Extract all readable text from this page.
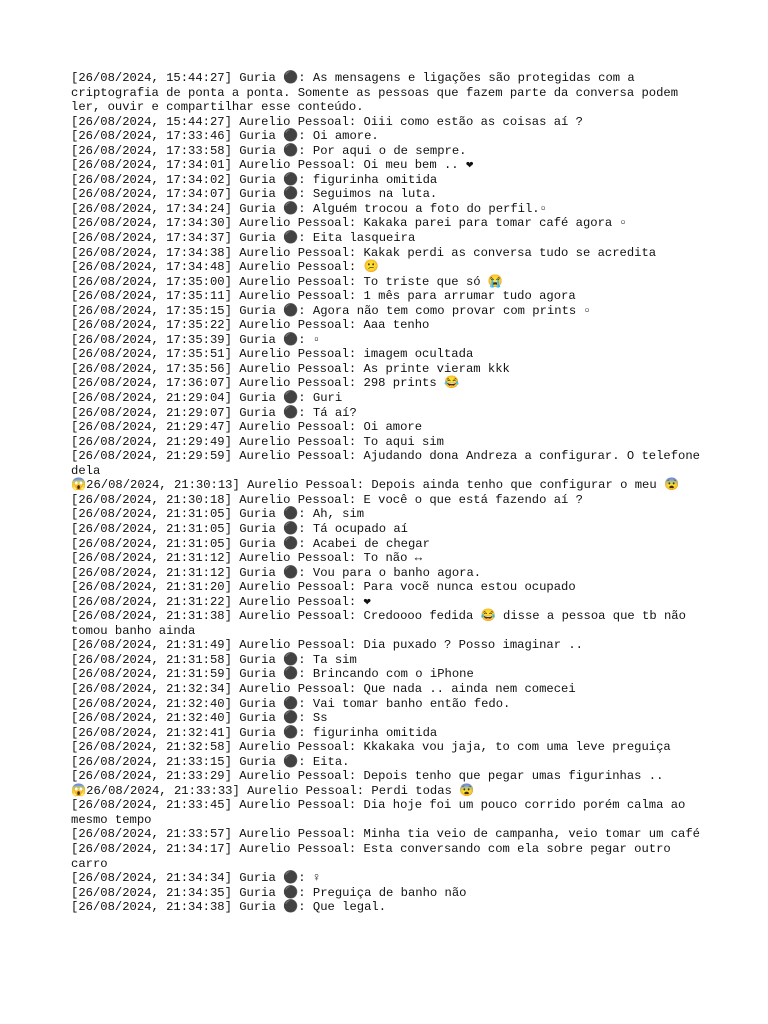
[26/08/2024, 15:44:27] Guria ⚫: As mensagens e ligações são protegidas com a criptografia de ponta a ponta. Somente as pessoas que fazem parte da conversa podem ler, ouvir e compartilhar esse conteúdo.
[26/08/2024, 15:44:27] Aurelio Pessoal: Oiii como estão as coisas aí ?
[26/08/2024, 17:33:46] Guria ⚫: Oi amore.
[26/08/2024, 17:33:58] Guria ⚫: Por aqui o de sempre.
[26/08/2024, 17:34:01] Aurelio Pessoal: Oi meu bem .. ❤
[26/08/2024, 17:34:02] Guria ⚫: figurinha omitida
[26/08/2024, 17:34:07] Guria ⚫: Seguimos na luta.
[26/08/2024, 17:34:24] Guria ⚫: Alguém trocou a foto do perfil.▫
[26/08/2024, 17:34:30] Aurelio Pessoal: Kakaka parei para tomar café agora ▫
[26/08/2024, 17:34:37] Guria ⚫: Eita lasqueira
[26/08/2024, 17:34:38] Aurelio Pessoal: Kakak perdi as conversa tudo se acredita
[26/08/2024, 17:34:48] Aurelio Pessoal: 😕
[26/08/2024, 17:35:00] Aurelio Pessoal: To triste que só 😭
[26/08/2024, 17:35:11] Aurelio Pessoal: 1 mês para arrumar tudo agora
[26/08/2024, 17:35:15] Guria ⚫: Agora não tem como provar com prints ▫
[26/08/2024, 17:35:22] Aurelio Pessoal: Aaa tenho
[26/08/2024, 17:35:39] Guria ⚫: ▫
[26/08/2024, 17:35:51] Aurelio Pessoal: imagem ocultada
[26/08/2024, 17:35:56] Aurelio Pessoal: As printe vieram kkk
[26/08/2024, 17:36:07] Aurelio Pessoal: 298 prints 😂
[26/08/2024, 21:29:04] Guria ⚫: Guri
[26/08/2024, 21:29:07] Guria ⚫: Tá aí?
[26/08/2024, 21:29:47] Aurelio Pessoal: Oi amore
[26/08/2024, 21:29:49] Aurelio Pessoal: To aqui sim
[26/08/2024, 21:29:59] Aurelio Pessoal: Ajudando dona Andreza a configurar. O telefone dela
😱26/08/2024, 21:30:13] Aurelio Pessoal: Depois ainda tenho que configurar o meu 😨
[26/08/2024, 21:30:18] Aurelio Pessoal: E você o que está fazendo aí ?
[26/08/2024, 21:31:05] Guria ⚫: Ah, sim
[26/08/2024, 21:31:05] Guria ⚫: Tá ocupado aí
[26/08/2024, 21:31:05] Guria ⚫: Acabei de chegar
[26/08/2024, 21:31:12] Aurelio Pessoal: To não ↔
[26/08/2024, 21:31:12] Guria ⚫: Vou para o banho agora.
[26/08/2024, 21:31:20] Aurelio Pessoal: Para vocẽ nunca estou ocupado
[26/08/2024, 21:31:22] Aurelio Pessoal: ❤
[26/08/2024, 21:31:38] Aurelio Pessoal: Credoooo fedida 😂 disse a pessoa que tb não tomou banho ainda
[26/08/2024, 21:31:49] Aurelio Pessoal: Dia puxado ? Posso imaginar ..
[26/08/2024, 21:31:58] Guria ⚫: Ta sim
[26/08/2024, 21:31:59] Guria ⚫: Brincando com o iPhone
[26/08/2024, 21:32:34] Aurelio Pessoal: Que nada .. ainda nem comecei
[26/08/2024, 21:32:40] Guria ⚫: Vai tomar banho então fedo.
[26/08/2024, 21:32:40] Guria ⚫: Ss
[26/08/2024, 21:32:41] Guria ⚫: figurinha omitida
[26/08/2024, 21:32:58] Aurelio Pessoal: Kkakaka vou jaja, to com uma leve preguiça
[26/08/2024, 21:33:15] Guria ⚫: Eita.
[26/08/2024, 21:33:29] Aurelio Pessoal: Depois tenho que pegar umas figurinhas ..
😱26/08/2024, 21:33:33] Aurelio Pessoal: Perdi todas 😨
[26/08/2024, 21:33:45] Aurelio Pessoal: Dia hoje foi um pouco corrido porém calma ao mesmo tempo
[26/08/2024, 21:33:57] Aurelio Pessoal: Minha tia veio de campanha, veio tomar um café
[26/08/2024, 21:34:17] Aurelio Pessoal: Esta conversando com ela sobre pegar outro carro
[26/08/2024, 21:34:34] Guria ⚫: ♀
[26/08/2024, 21:34:35] Guria ⚫: Preguiça de banho não
[26/08/2024, 21:34:38] Guria ⚫: Que legal.
